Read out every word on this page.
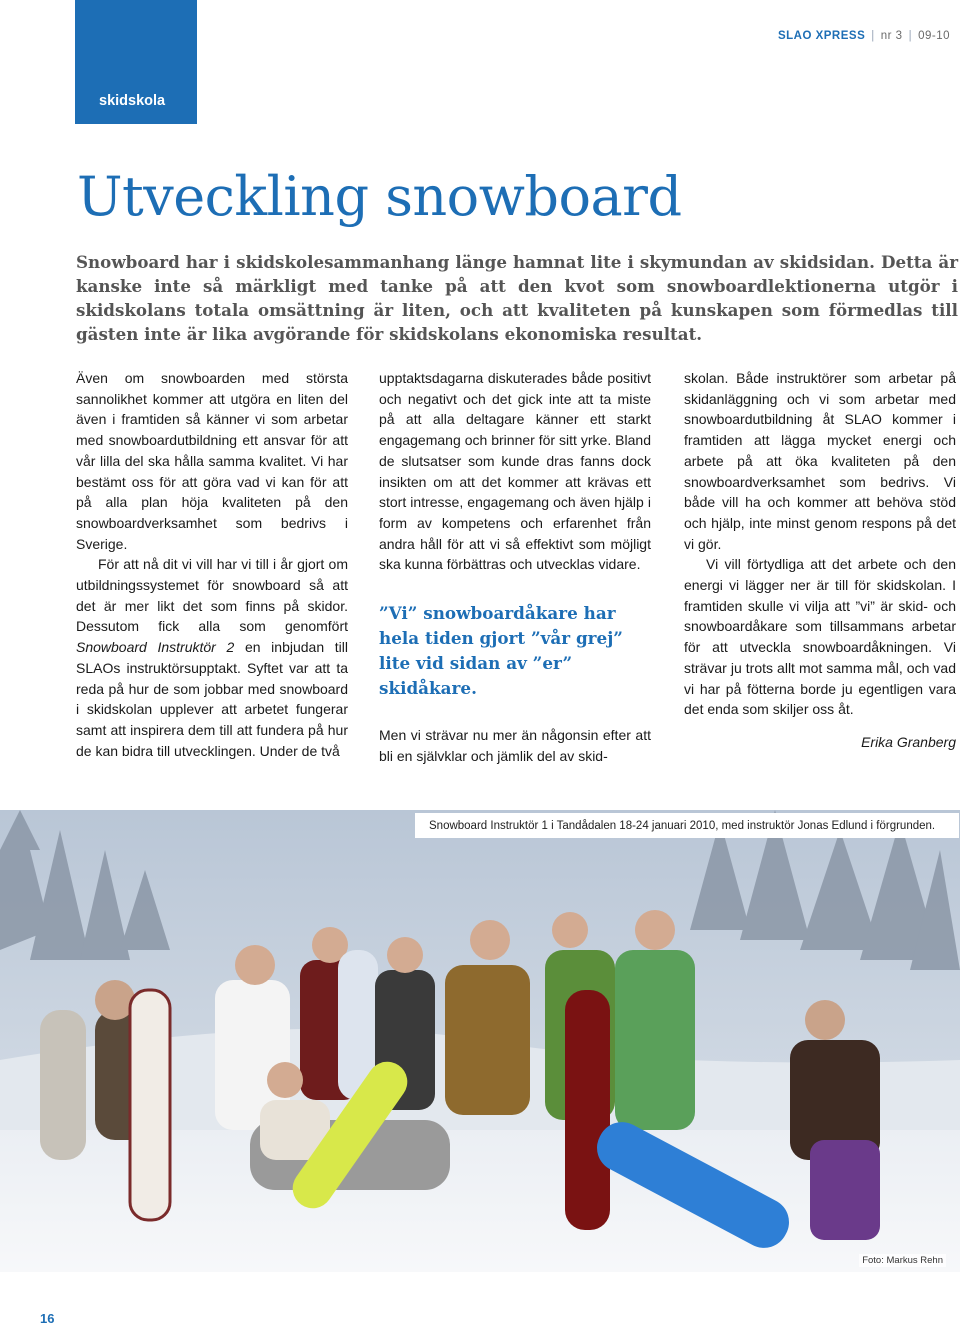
skidskola
SLAO XPRESS | nr 3 | 09-10
Utveckling snowboard

Snowboard har i skidskolesammanhang länge hamnat lite i skymundan av skidsidan. Detta är kanske inte så märkligt med tanke på att den kvot som snowboardlektionerna utgör i skidskolans totala omsättning är liten, och att kvaliteten på kunskapen som förmedlas till gästen inte är lika avgörande för skidskolans ekonomiska resultat.

Även om snowboarden med största sannolikhet kommer att utgöra en liten del även i framtiden så känner vi som arbetar med snowboardutbildning ett ansvar för att vår lilla del ska hålla samma kvalitet. Vi har bestämt oss för att göra vad vi kan för att på alla plan höja kvaliteten på den snowboardverksamhet som bedrivs i Sverige.

För att nå dit vi vill har vi till i år gjort om utbildningssystemet för snowboard så att det är mer likt det som finns på skidor. Dessutom fick alla som genomfört Snowboard Instruktör 2 en inbjudan till SLAOs instruktörsupptakt. Syftet var att ta reda på hur de som jobbar med snowboard i skidskolan upplever att arbetet fungerar samt att inspirera dem till att fundera på hur de kan bidra till utvecklingen. Under de två

upptaktsdagarna diskuterades både positivt och negativt och det gick inte att ta miste på att alla deltagare känner ett starkt engagemang och brinner för sitt yrke. Bland de slutsatser som kunde dras fanns dock insikten om att det kommer att krävas ett stort intresse, engagemang och även hjälp i form av kompetens och erfarenhet från andra håll för att vi så effektivt som möjligt ska kunna förbättras och utvecklas vidare.

”Vi” snowboardåkare har hela tiden gjort ”vår grej” lite vid sidan av ”er” skidåkare.

Men vi strävar nu mer än någonsin efter att bli en självklar och jämlik del av skid-

skolan. Både instruktörer som arbetar på skidanläggning och vi som arbetar med snowboardutbildning åt SLAO kommer i framtiden att lägga mycket energi och arbete på att öka kvaliteten på den snowboardverksamhet som bedrivs. Vi både vill ha och kommer att behöva stöd och hjälp, inte minst genom respons på det vi gör.

Vi vill förtydliga att det arbete och den energi vi lägger ner är till för skidskolan. I framtiden skulle vi vilja att ”vi” är skid- och snowboardåkare som tillsammans arbetar för att utveckla snowboardåkningen. Vi strävar ju trots allt mot samma mål, och vad vi har på fötterna borde ju egentligen vara det enda som skiljer oss åt.

Erika Granberg

Snowboard Instruktör 1 i Tandådalen 18-24 januari 2010, med instruktör Jonas Edlund i förgrunden.
Foto: Markus Rehn
16
